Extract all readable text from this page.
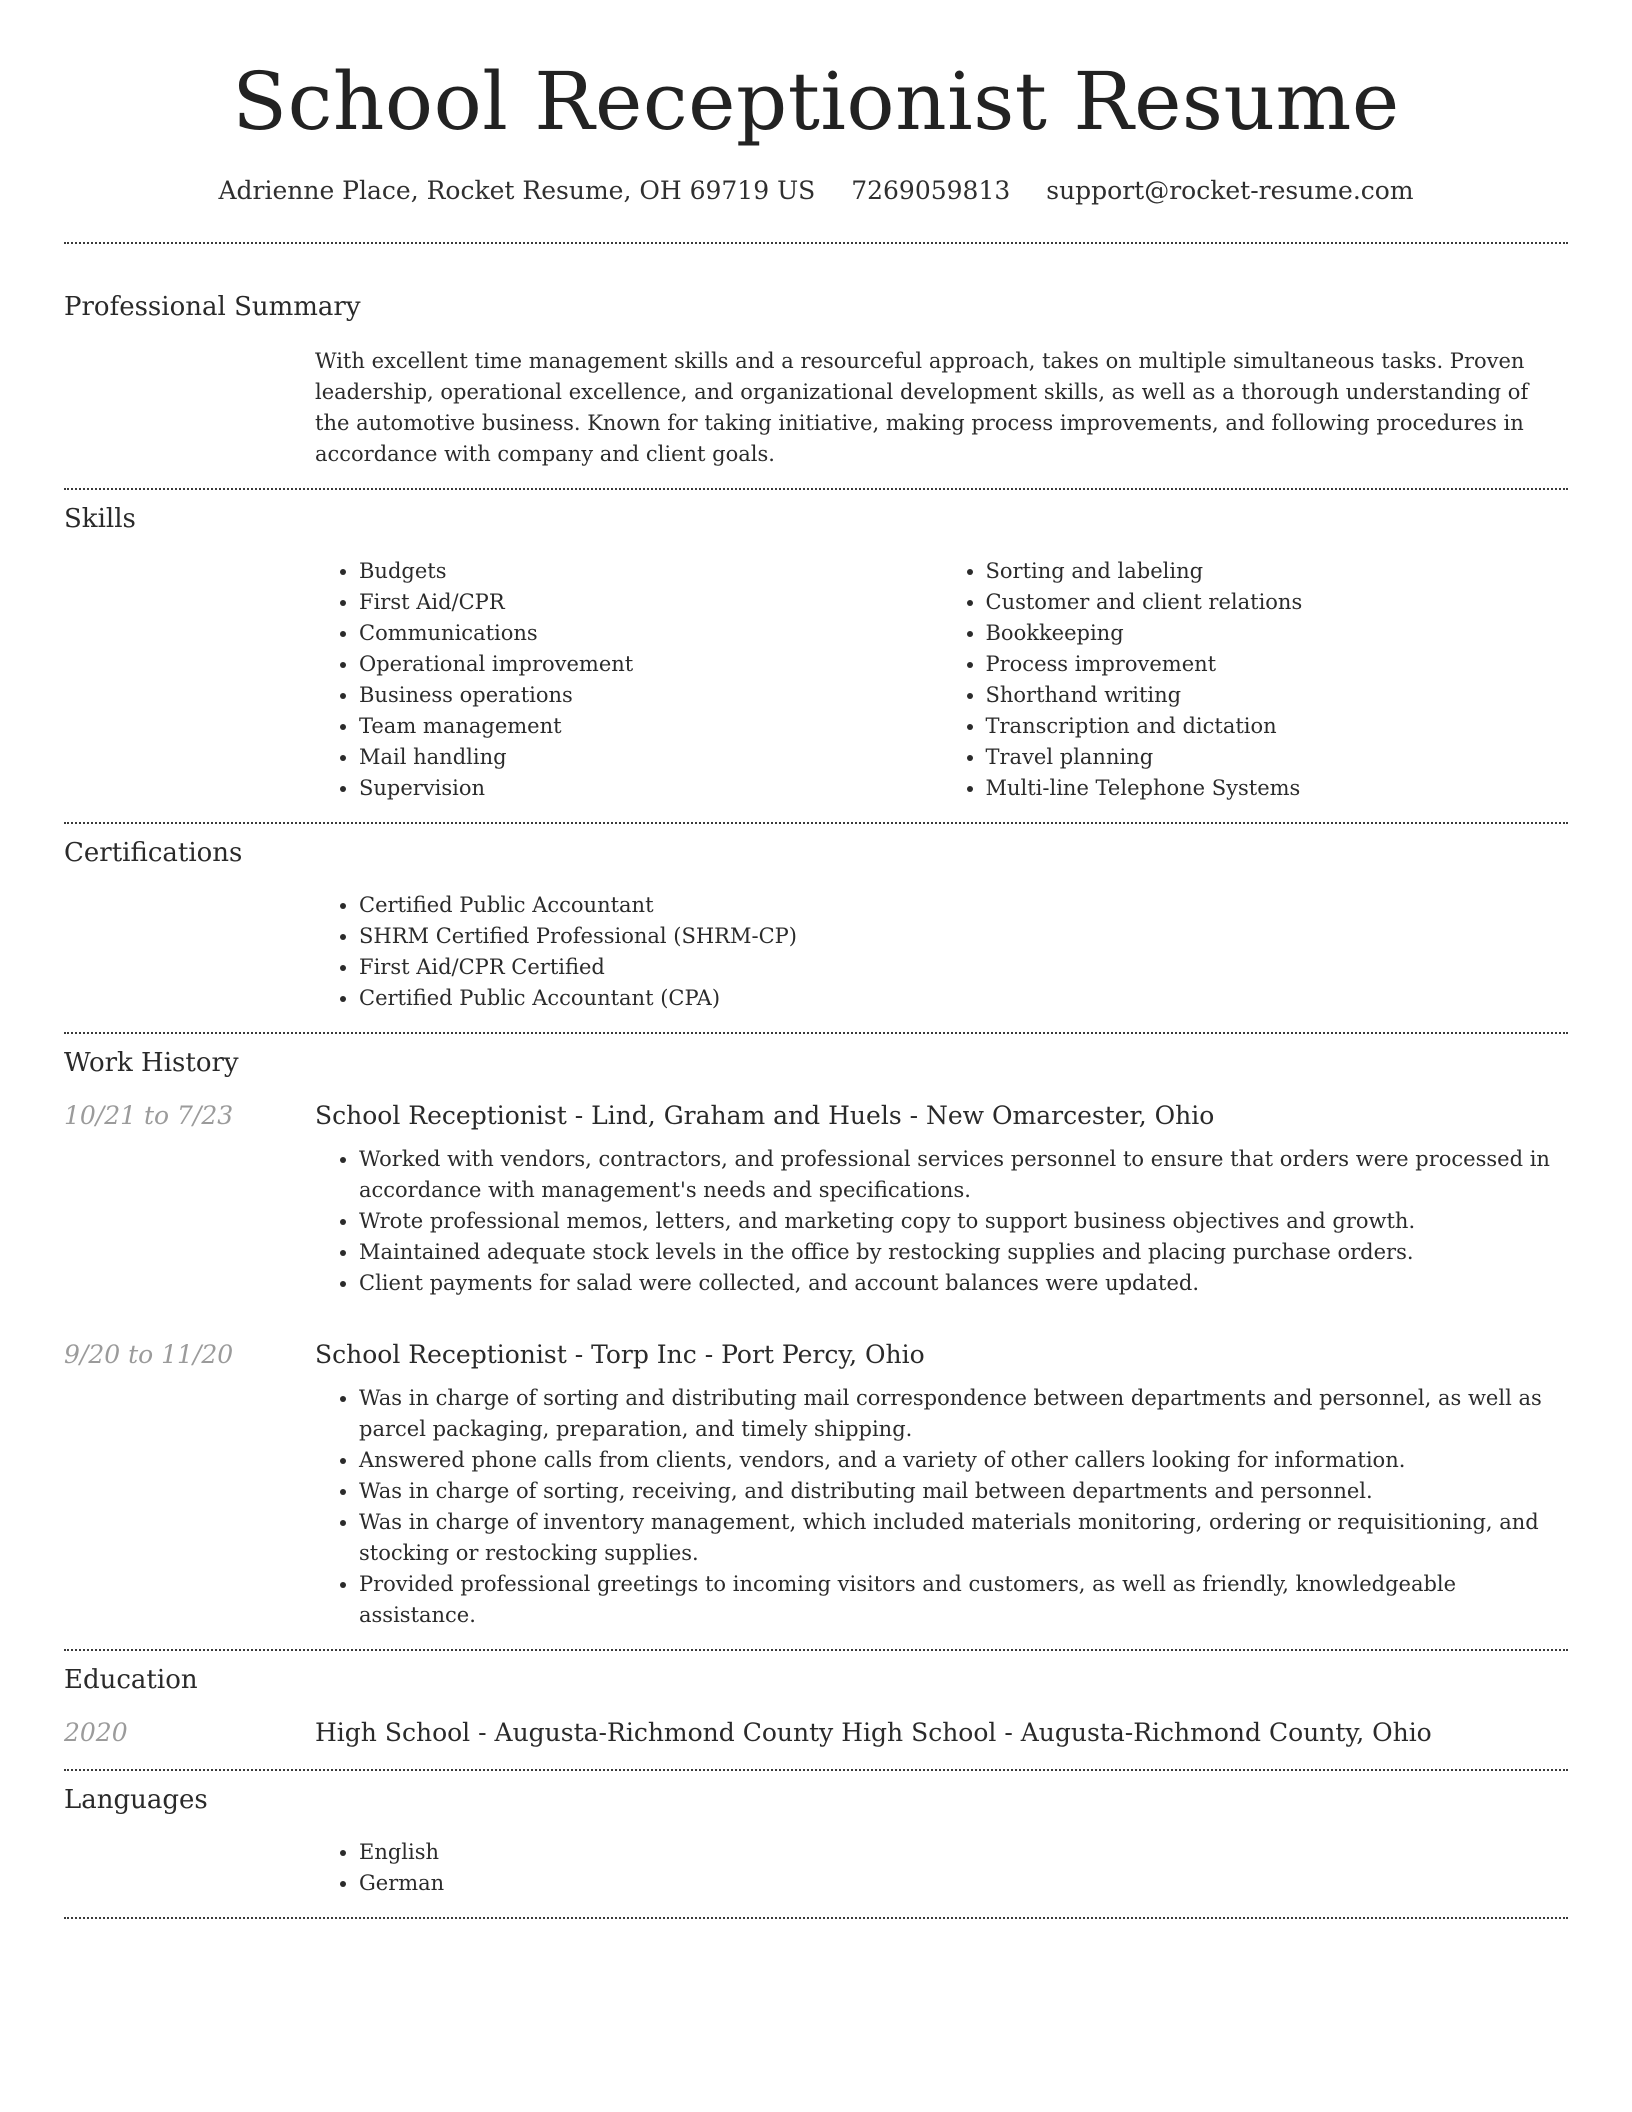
School Receptionist Resume
Adrienne Place, Rocket Resume, OH 69719 US 7269059813 support@rocket-resume.com
Professional Summary
With excellent time management skills and a resourceful approach, takes on multiple simultaneous tasks. Proven leadership, operational excellence, and organizational development skills, as well as a thorough understanding of the automotive business. Known for taking initiative, making process improvements, and following procedures in accordance with company and client goals.
Skills
• Budgets
• First Aid/CPR
• Communications
• Operational improvement
• Business operations
• Team management
• Mail handling
• Supervision
• Sorting and labeling
• Customer and client relations
• Bookkeeping
• Process improvement
• Shorthand writing
• Transcription and dictation
• Travel planning
• Multi-line Telephone Systems
Certifications
• Certified Public Accountant
• SHRM Certified Professional (SHRM-CP)
• First Aid/CPR Certified
• Certified Public Accountant (CPA)
Work History
10/21 to 7/23	School Receptionist - Lind, Graham and Huels - New Omarcester, Ohio
• Worked with vendors, contractors, and professional services personnel to ensure that orders were processed in accordance with management's needs and specifications.
• Wrote professional memos, letters, and marketing copy to support business objectives and growth.
• Maintained adequate stock levels in the office by restocking supplies and placing purchase orders.
• Client payments for salad were collected, and account balances were updated.
9/20 to 11/20	School Receptionist - Torp Inc - Port Percy, Ohio
• Was in charge of sorting and distributing mail correspondence between departments and personnel, as well as parcel packaging, preparation, and timely shipping.
• Answered phone calls from clients, vendors, and a variety of other callers looking for information.
• Was in charge of sorting, receiving, and distributing mail between departments and personnel.
• Was in charge of inventory management, which included materials monitoring, ordering or requisitioning, and stocking or restocking supplies.
• Provided professional greetings to incoming visitors and customers, as well as friendly, knowledgeable assistance.
Education
2020	High School - Augusta-Richmond County High School - Augusta-Richmond County, Ohio
Languages
• English
• German
